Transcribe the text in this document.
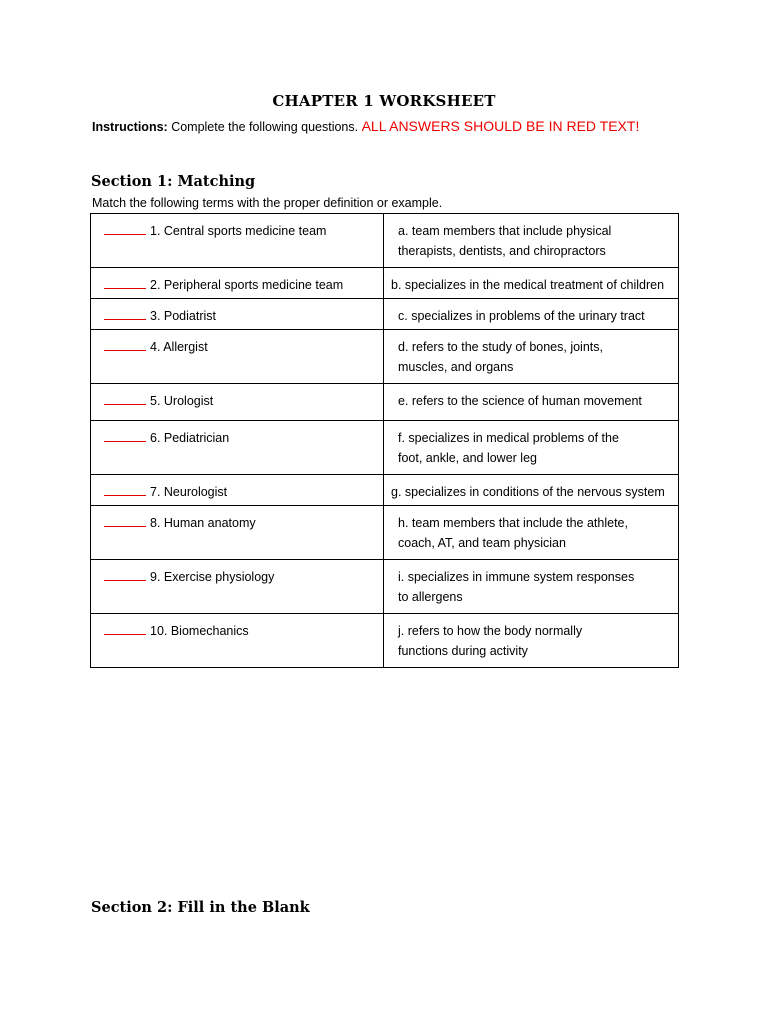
CHAPTER 1 WORKSHEET
Instructions: Complete the following questions. ALL ANSWERS SHOULD BE IN RED TEXT!
Section 1: Matching
Match the following terms with the proper definition or example.
1. Central sports medicine team	a. team members that include physical therapists, dentists, and chiropractors

2. Peripheral sports medicine team	b. specializes in the medical treatment of children

3. Podiatrist	c. specializes in problems of the urinary tract

4. Allergist	d. refers to the study of bones, joints, muscles, and organs

5. Urologist	e. refers to the science of human movement

6. Pediatrician	f. specializes in medical problems of the foot, ankle, and lower leg

7. Neurologist	g. specializes in conditions of the nervous system

8. Human anatomy	h. team members that include the athlete, coach, AT, and team physician

9. Exercise physiology	i. specializes in immune system responses to allergens

10. Biomechanics	j. refers to how the body normally functions during activity
Section 2: Fill in the Blank
